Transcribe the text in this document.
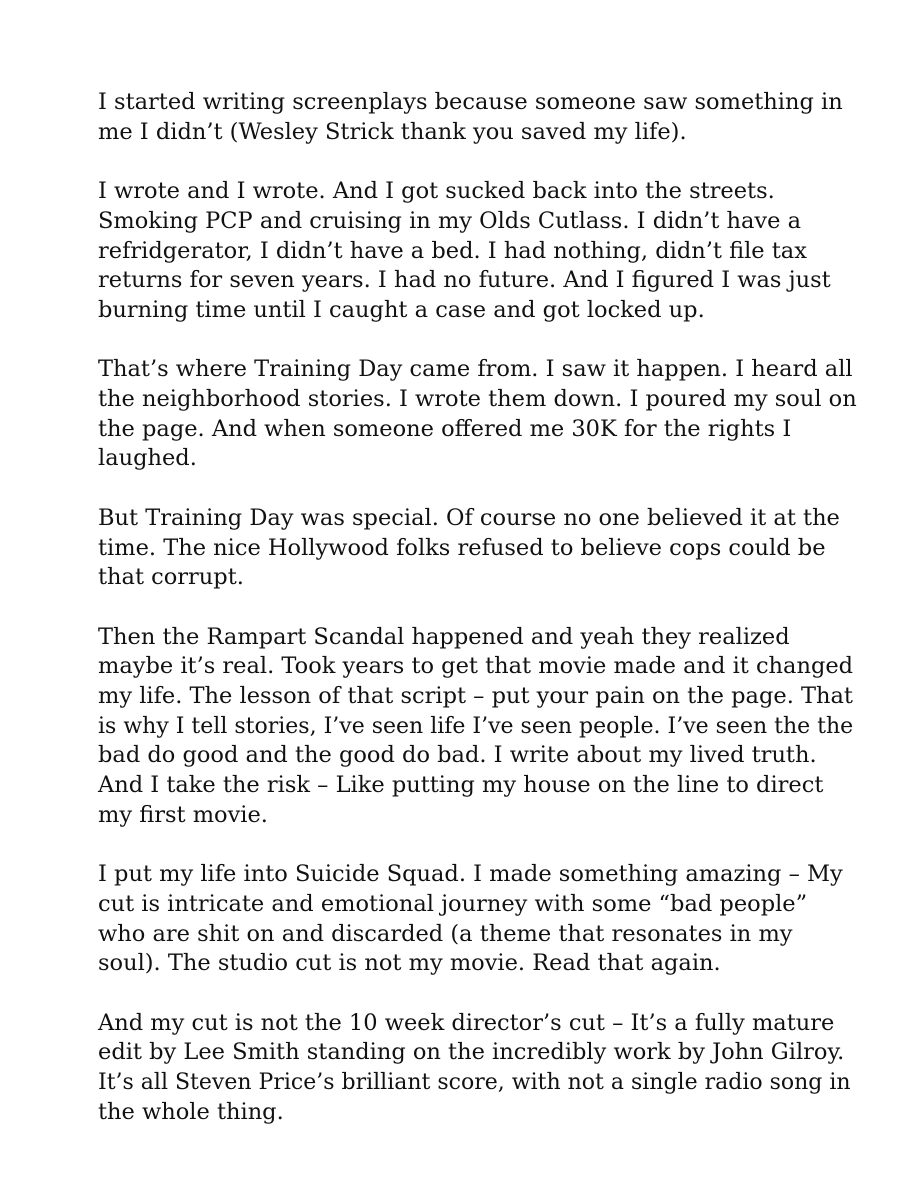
I started writing screenplays because someone saw something in
me I didn’t (Wesley Strick thank you saved my life).

I wrote and I wrote. And I got sucked back into the streets.
Smoking PCP and cruising in my Olds Cutlass. I didn’t have a
refridgerator, I didn’t have a bed. I had nothing, didn’t file tax
returns for seven years. I had no future. And I figured I was just
burning time until I caught a case and got locked up.

That’s where Training Day came from. I saw it happen. I heard all
the neighborhood stories. I wrote them down. I poured my soul on
the page. And when someone offered me 30K for the rights I
laughed.

But Training Day was special. Of course no one believed it at the
time. The nice Hollywood folks refused to believe cops could be
that corrupt.

Then the Rampart Scandal happened and yeah they realized
maybe it’s real. Took years to get that movie made and it changed
my life. The lesson of that script – put your pain on the page. That
is why I tell stories, I’ve seen life I’ve seen people. I’ve seen the the
bad do good and the good do bad. I write about my lived truth.
And I take the risk – Like putting my house on the line to direct
my first movie.

I put my life into Suicide Squad. I made something amazing – My
cut is intricate and emotional journey with some “bad people”
who are shit on and discarded (a theme that resonates in my
soul). The studio cut is not my movie. Read that again.

And my cut is not the 10 week director’s cut – It’s a fully mature
edit by Lee Smith standing on the incredibly work by John Gilroy.
It’s all Steven Price’s brilliant score, with not a single radio song in
the whole thing.
